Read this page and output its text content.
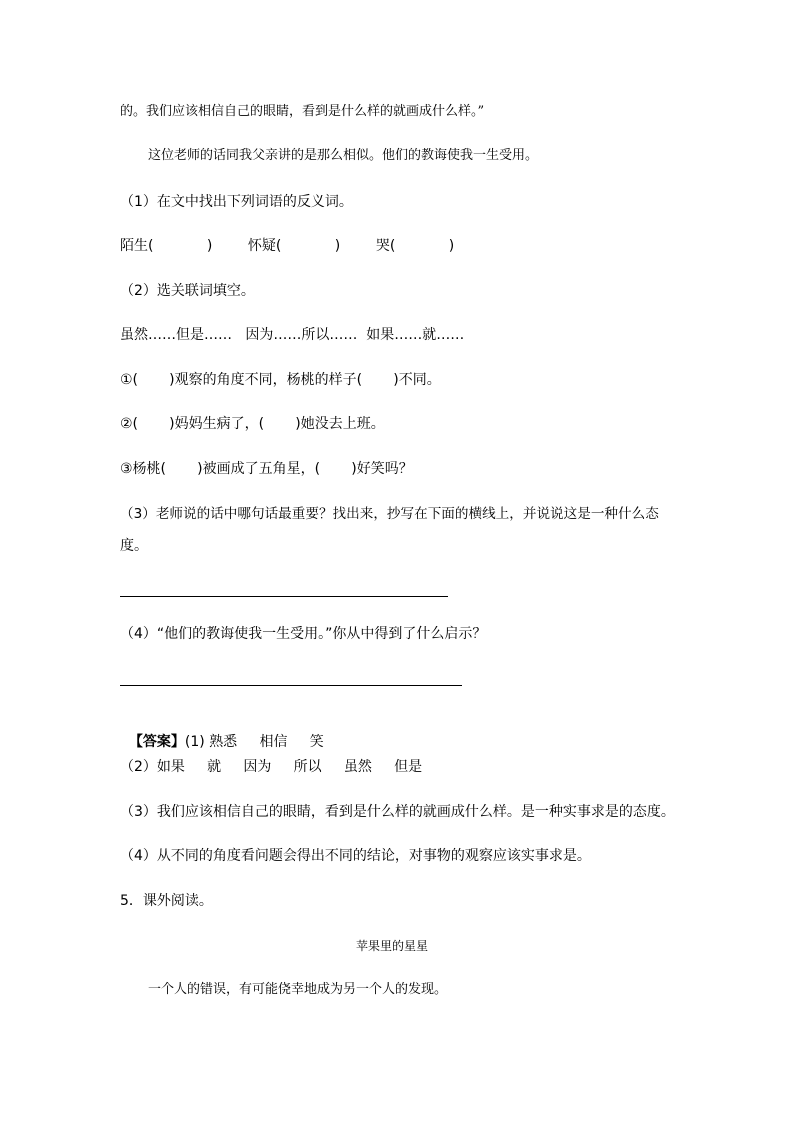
的。我们应该相信自己的眼睛，看到是什么样的就画成什么样。”
这位老师的话同我父亲讲的是那么相似。他们的教诲使我一生受用。
（1）在文中找出下列词语的反义词。
陌生(            )        怀疑(            )        哭(            )
（2）选关联词填空。
虽然……但是……   因为……所以……  如果……就……
①(       )观察的角度不同，杨桃的样子(       )不同。
②(       )妈妈生病了，(       )她没去上班。
③杨桃(       )被画成了五角星，(       )好笑吗？
（3）老师说的话中哪句话最重要？找出来，抄写在下面的横线上，并说说这是一种什么态
度。
（4）“他们的教诲使我一生受用。”你从中得到了什么启示？

【答案】(1) 熟悉     相信     笑

（2）如果     就     因为     所以     虽然     但是
（3）我们应该相信自己的眼睛，看到是什么样的就画成什么样。是一种实事求是的态度。
（4）从不同的角度看问题会得出不同的结论，对事物的观察应该实事求是。
5．课外阅读。
苹果里的星星
一个人的错误，有可能侥幸地成为另一个人的发现。
